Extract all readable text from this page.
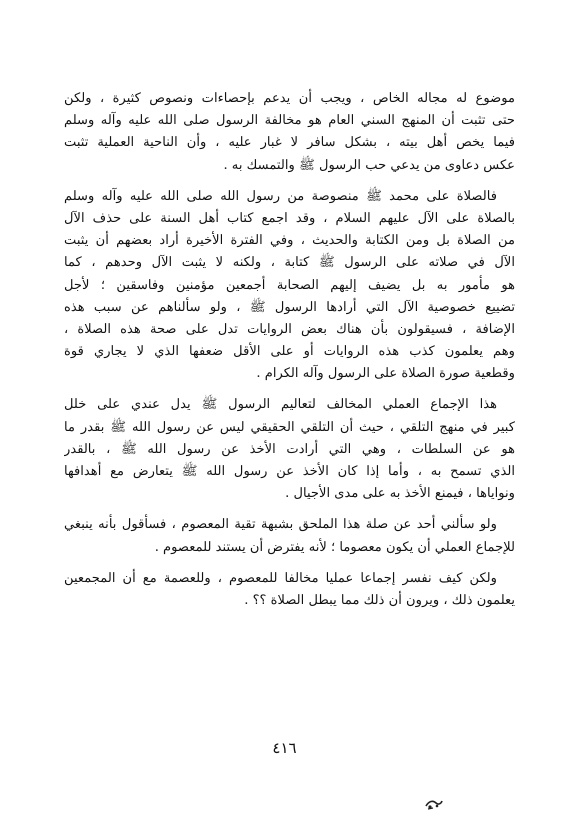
موضوع له مجاله الخاص ، ويجب أن يدعم بإحصاءات ونصوص كثيرة ، ولكن
حتى تثبت أن المنهج السني العام هو مخالفة الرسول صلى الله عليه وآله وسلم
فيما يخص أهل بيته ، بشكل سافر لا غبار عليه ، وأن الناحية العملية تثبت
عكس دعاوى من يدعي حب الرسول ﷺ والتمسك به .
فالصلاة على محمد ﷺ منصوصة من رسول الله صلى الله عليه وآله وسلم
بالصلاة على الآل عليهم السلام ، وقد اجمع كتاب أهل السنة على حذف الآل
من الصلاة بل ومن الكتابة والحديث ، وفي الفترة الأخيرة أراد بعضهم أن يثبت
الآل في صلاته على الرسول ﷺ كتابة ، ولكنه لا يثبت الآل وحدهم ، كما
هو مأمور به بل يضيف إليهم الصحابة أجمعين مؤمنين وفاسقين ؛ لأجل
تضييع خصوصية الآل التي أرادها الرسول ﷺ ، ولو سألناهم عن سبب هذه
الإضافة ، فسيقولون بأن هناك بعض الروايات تدل على صحة هذه الصلاة ،
وهم يعلمون كذب هذه الروايات أو على الأقل ضعفها الذي لا يجاري قوة
وقطعية صورة الصلاة على الرسول وآله الكرام .
هذا الإجماع العملي المخالف لتعاليم الرسول ﷺ يدل عندي على خلل
كبير في منهج التلقي ، حيث أن التلقي الحقيقي ليس عن رسول الله ﷺ بقدر ما
هو عن السلطات ، وهي التي أرادت الأخذ عن رسول الله ﷺ ، بالقدر
الذي تسمح به ، وأما إذا كان الأخذ عن رسول الله ﷺ يتعارض مع أهدافها
ونواياها ، فيمنع الأخذ به على مدى الأجيال .
ولو سألني أحد عن صلة هذا الملحق بشبهة تقية المعصوم ، فسأقول بأنه ينبغي
للإجماع العملي أن يكون معصوما ؛ لأنه يفترض أن يستند للمعصوم .
ولكن كيف نفسر إجماعا عمليا مخالفا للمعصوم ، وللعصمة مع أن المجمعين
يعلمون ذلك ، ويرون أن ذلك مما يبطل الصلاة ؟؟ .
٤١٦
